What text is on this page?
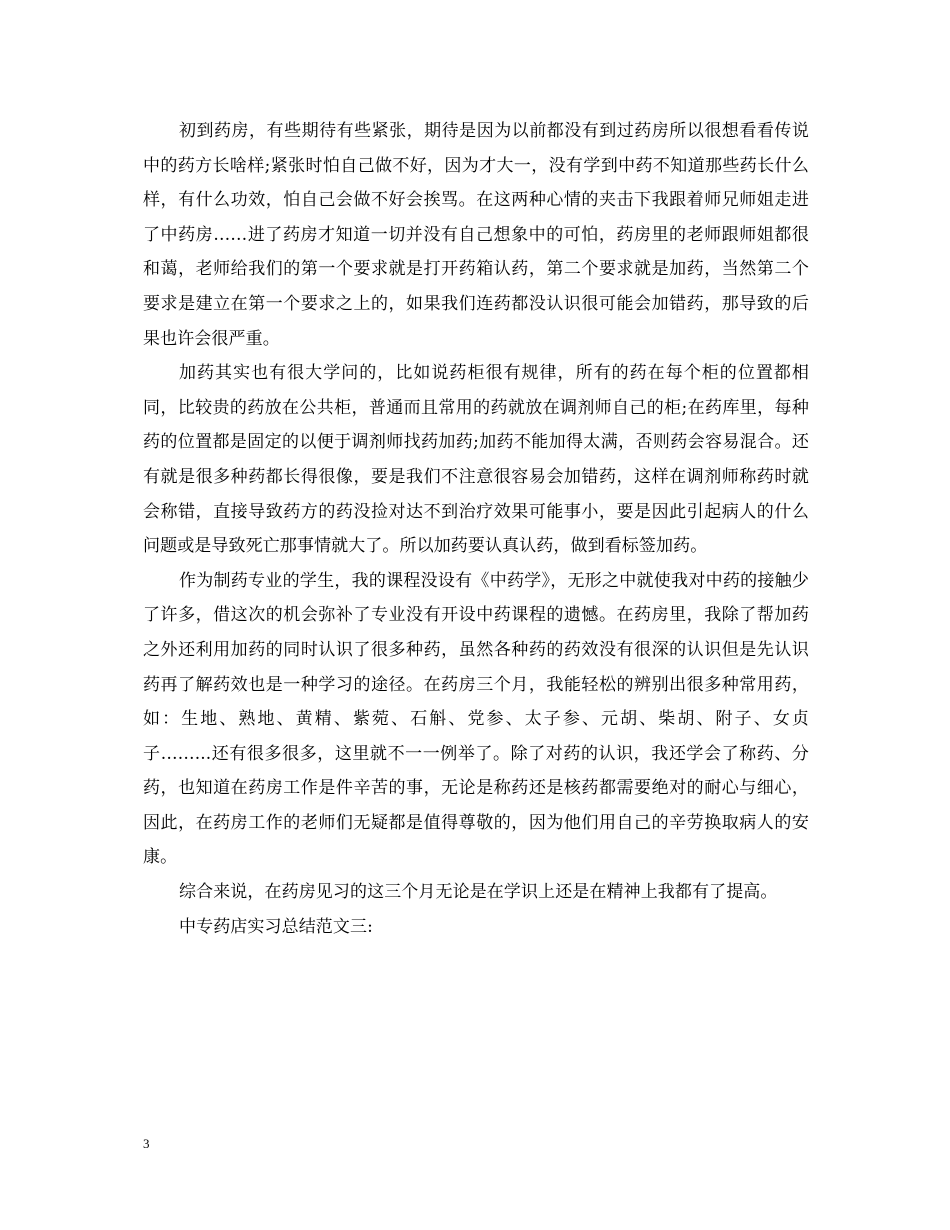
初到药房，有些期待有些紧张，期待是因为以前都没有到过药房所以很想看看传说中的药方长啥样;紧张时怕自己做不好，因为才大一，没有学到中药不知道那些药长什么样，有什么功效，怕自己会做不好会挨骂。在这两种心情的夹击下我跟着师兄师姐走进了中药房……进了药房才知道一切并没有自己想象中的可怕，药房里的老师跟师姐都很和蔼，老师给我们的第一个要求就是打开药箱认药，第二个要求就是加药，当然第二个要求是建立在第一个要求之上的，如果我们连药都没认识很可能会加错药，那导致的后果也许会很严重。

加药其实也有很大学问的，比如说药柜很有规律，所有的药在每个柜的位置都相同，比较贵的药放在公共柜，普通而且常用的药就放在调剂师自己的柜;在药库里，每种药的位置都是固定的以便于调剂师找药加药;加药不能加得太满，否则药会容易混合。还有就是很多种药都长得很像，要是我们不注意很容易会加错药，这样在调剂师称药时就会称错，直接导致药方的药没捡对达不到治疗效果可能事小，要是因此引起病人的什么问题或是导致死亡那事情就大了。所以加药要认真认药，做到看标签加药。

作为制药专业的学生，我的课程没设有《中药学》，无形之中就使我对中药的接触少了许多，借这次的机会弥补了专业没有开设中药课程的遗憾。在药房里，我除了帮加药之外还利用加药的同时认识了很多种药，虽然各种药的药效没有很深的认识但是先认识药再了解药效也是一种学习的途径。在药房三个月，我能轻松的辨别出很多种常用药，如：生地、熟地、黄精、紫菀、石斛、党参、太子参、元胡、柴胡、附子、女贞子……...还有很多很多，这里就不一一例举了。除了对药的认识，我还学会了称药、分药，也知道在药房工作是件辛苦的事，无论是称药还是核药都需要绝对的耐心与细心，因此，在药房工作的老师们无疑都是值得尊敬的，因为他们用自己的辛劳换取病人的安康。

综合来说，在药房见习的这三个月无论是在学识上还是在精神上我都有了提高。

中专药店实习总结范文三:

3
